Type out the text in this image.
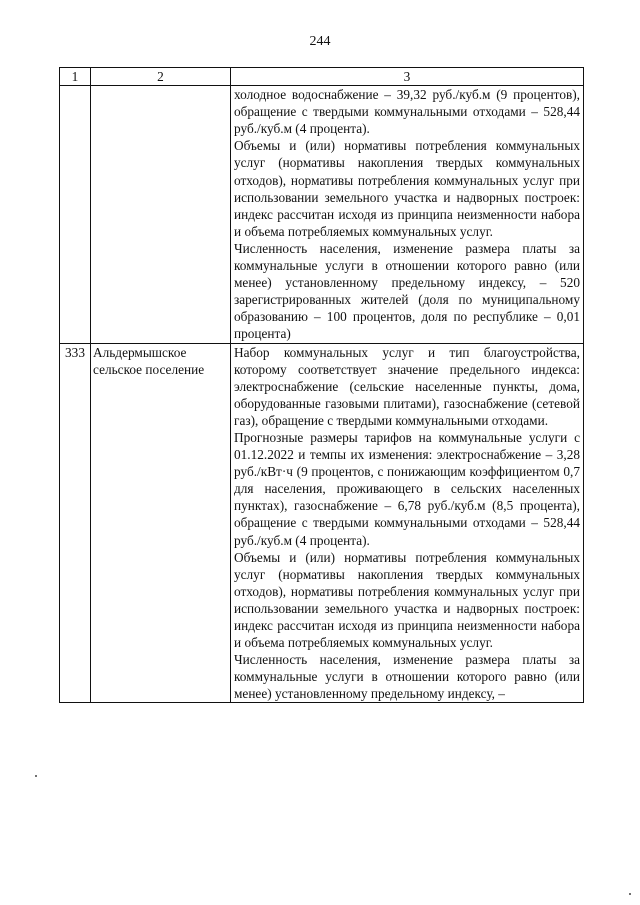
244
1	2	3

		холодное водоснабжение – 39,32 руб./куб.м (9 процентов), обращение с твердыми коммунальными отходами – 528,44 руб./куб.м (4 процента).

Объемы и (или) нормативы потребления коммунальных услуг (нормативы накопления твердых коммунальных отходов), нормативы потребления коммунальных услуг при использовании земельного участка и надворных построек: индекс рассчитан исходя из принципа неизменности набора и объема потребляемых коммунальных услуг.

Численность населения, изменение размера платы за коммунальные услуги в отношении которого равно (или менее) установленному предельному индексу, – 520 зарегистрированных жителей (доля по муниципальному образованию – 100 процентов, доля по республике – 0,01 процента)

333	Альдермышское сельское поселение	Набор коммунальных услуг и тип благоустройства, которому соответствует значение предельного индекса: электроснабжение (сельские населенные пункты, дома, оборудованные газовыми плитами), газоснабжение (сетевой газ), обращение с твердыми коммунальными отходами.

Прогнозные размеры тарифов на коммунальные услуги с 01.12.2022 и темпы их изменения: электроснабжение – 3,28 руб./кВт·ч (9 процентов, с понижающим коэффициентом 0,7 для населения, проживающего в сельских населенных пунктах), газоснабжение – 6,78 руб./куб.м (8,5 процента), обращение с твердыми коммунальными отходами – 528,44 руб./куб.м (4 процента).

Объемы и (или) нормативы потребления коммунальных услуг (нормативы накопления твердых коммунальных отходов), нормативы потребления коммунальных услуг при использовании земельного участка и надворных построек: индекс рассчитан исходя из принципа неизменности набора и объема потребляемых коммунальных услуг.

Численность населения, изменение размера платы за коммунальные услуги в отношении которого равно (или менее) установленному предельному индексу, –
